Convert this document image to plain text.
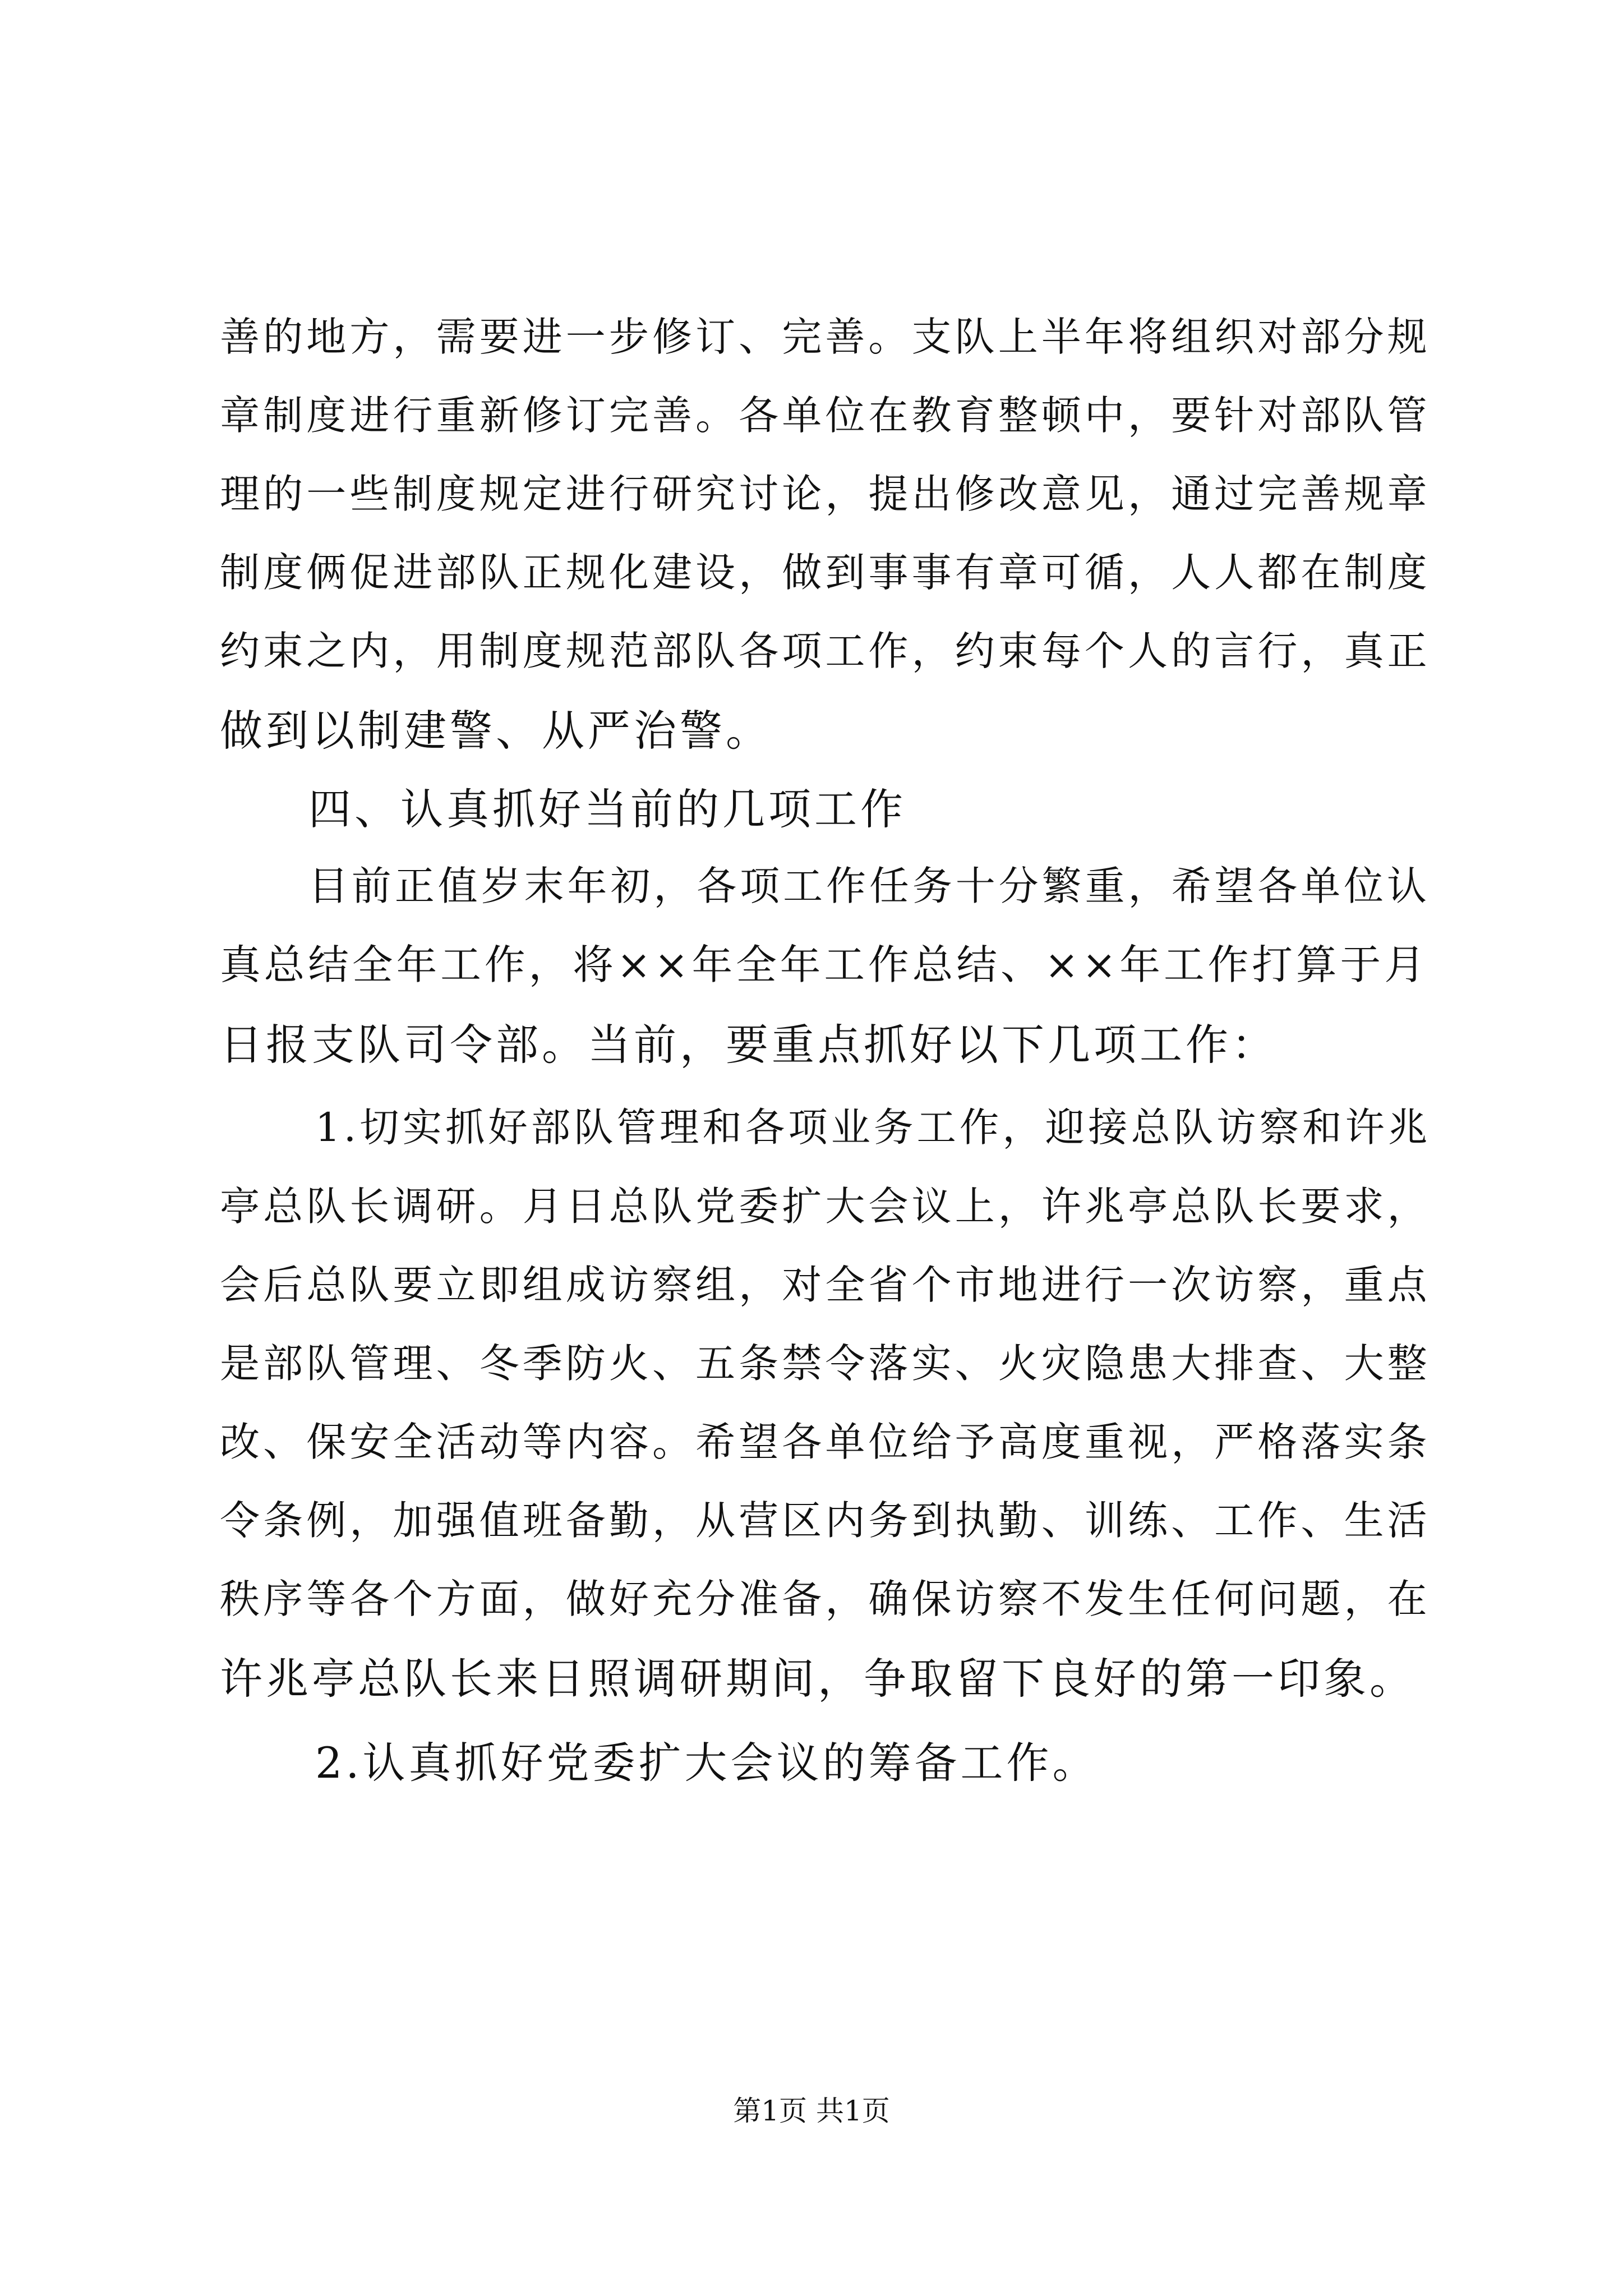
善的地方，需要进一步修订、完善。支队上半年将组织对部分规
章制度进行重新修订完善。各单位在教育整顿中，要针对部队管
理的一些制度规定进行研究讨论，提出修改意见，通过完善规章
制度俩促进部队正规化建设，做到事事有章可循，人人都在制度
约束之内，用制度规范部队各项工作，约束每个人的言行，真正
做到以制建警、从严治警。
四、认真抓好当前的几项工作
目前正值岁末年初，各项工作任务十分繁重，希望各单位认
真总结全年工作，将××年全年工作总结、××年工作打算于月
日报支队司令部。当前，要重点抓好以下几项工作：
1.切实抓好部队管理和各项业务工作，迎接总队访察和许兆
亭总队长调研。月日总队党委扩大会议上，许兆亭总队长要求，
会后总队要立即组成访察组，对全省个市地进行一次访察，重点
是部队管理、冬季防火、五条禁令落实、火灾隐患大排查、大整
改、保安全活动等内容。希望各单位给予高度重视，严格落实条
令条例，加强值班备勤，从营区内务到执勤、训练、工作、生活
秩序等各个方面，做好充分准备，确保访察不发生任何问题，在
许兆亭总队长来日照调研期间，争取留下良好的第一印象。
2.认真抓好党委扩大会议的筹备工作。
第1页 共1页
